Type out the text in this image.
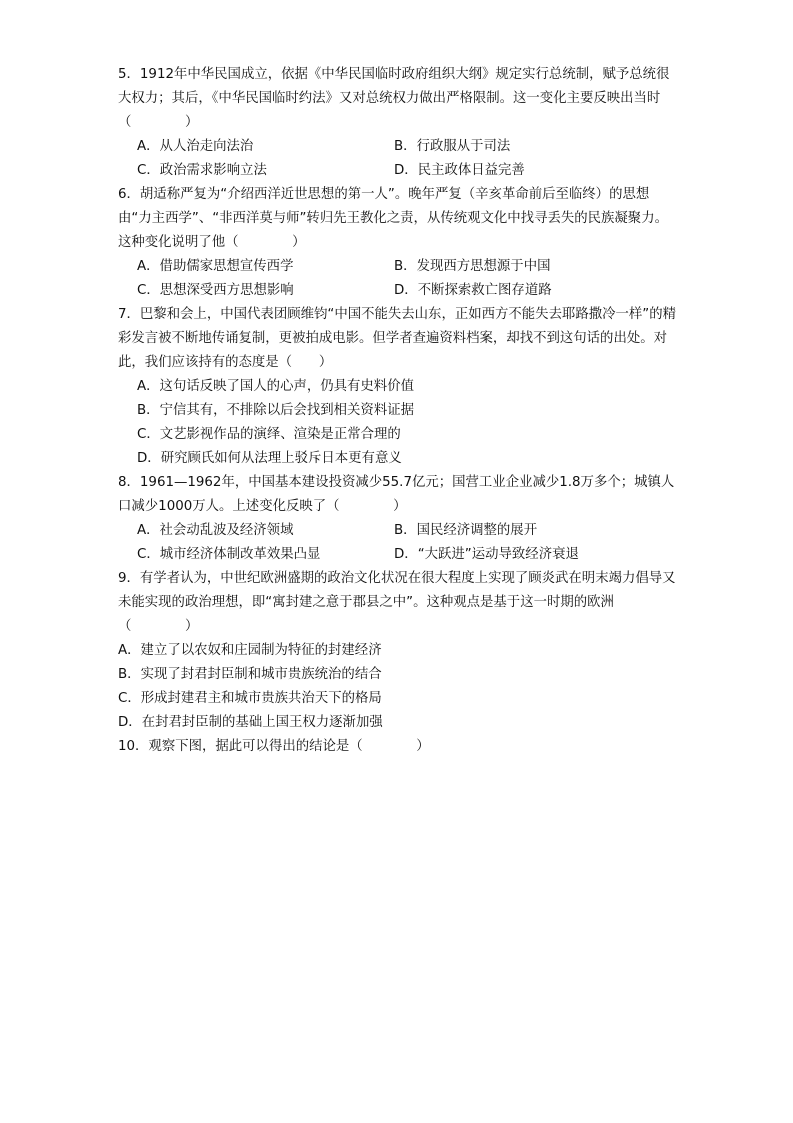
5．1912年中华民国成立，依据《中华民国临时政府组织大纲》规定实行总统制，赋予总统很大权力；其后，《中华民国临时约法》又对总统权力做出严格限制。这一变化主要反映出当时（　　　　）

A．从人治走向法治	B．行政服从于司法
C．政治需求影响立法	D．民主政体日益完善

6．胡适称严复为“介绍西洋近世思想的第一人”。晚年严复（辛亥革命前后至临终）的思想由“力主西学”、“非西洋莫与师”转归先王教化之责，从传统观文化中找寻丢失的民族凝聚力。这种变化说明了他（　　　　）

A．借助儒家思想宣传西学	B．发现西方思想源于中国
C．思想深受西方思想影响	D．不断探索救亡图存道路

7．巴黎和会上，中国代表团顾维钧“中国不能失去山东，正如西方不能失去耶路撒冷一样”的精彩发言被不断地传诵复制，更被拍成电影。但学者查遍资料档案，却找不到这句话的出处。对此，我们应该持有的态度是（　　）

A．这句话反映了国人的心声，仍具有史料价值
B．宁信其有，不排除以后会找到相关资料证据
C．文艺影视作品的演绎、渲染是正常合理的
D．研究顾氏如何从法理上驳斥日本更有意义

8．1961—1962年，中国基本建设投资减少55.7亿元；国营工业企业减少1.8万多个；城镇人口减少1000万人。上述变化反映了（　　　　）

A．社会动乱波及经济领域	B．国民经济调整的展开
C．城市经济体制改革效果凸显	D．“大跃进”运动导致经济衰退

9．有学者认为，中世纪欧洲盛期的政治文化状况在很大程度上实现了顾炎武在明末竭力倡导又未能实现的政治理想，即“寓封建之意于郡县之中”。这种观点是基于这一时期的欧洲（　　　　）

A．建立了以农奴和庄园制为特征的封建经济
B．实现了封君封臣制和城市贵族统治的结合
C．形成封建君主和城市贵族共治天下的格局
D．在封君封臣制的基础上国王权力逐渐加强

10．观察下图，据此可以得出的结论是（　　　　）
